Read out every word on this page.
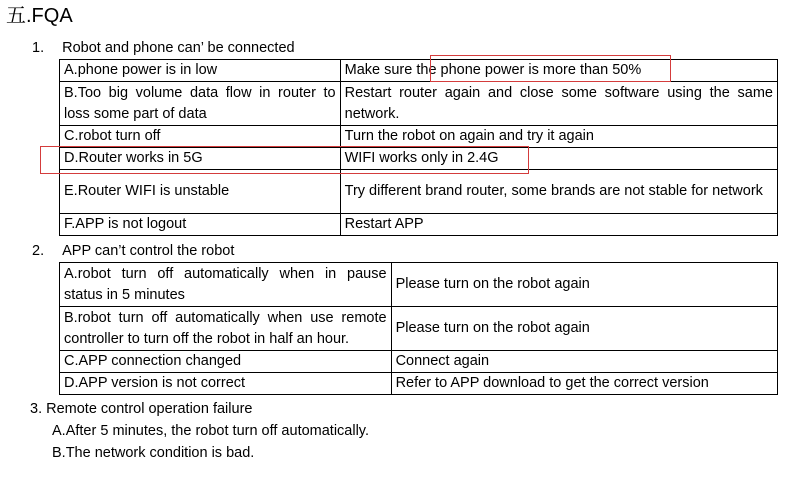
五.FQA
1. Robot and phone can’ be connected
A.phone power is in low	Make sure the phone power is more than 50%
B.Too big volume data flow in router to loss some part of data	Restart router again and close some software using the same network.
C.robot turn off	Turn the robot on again and try it again
D.Router works in 5G	WIFI works only in 2.4G
E.Router WIFI is unstable	Try different brand router, some brands are not stable for network
F.APP is not logout	Restart APP
2. APP can’t control the robot
A.robot turn off automatically when in pause status in 5 minutes	Please turn on the robot again
B.robot turn off automatically when use remote controller to turn off the robot in half an hour.	Please turn on the robot again
C.APP connection changed	Connect again
D.APP version is not correct	Refer to APP download to get the correct version
3. Remote control operation failure
A.After 5 minutes, the robot turn off automatically.
B.The network condition is bad.
